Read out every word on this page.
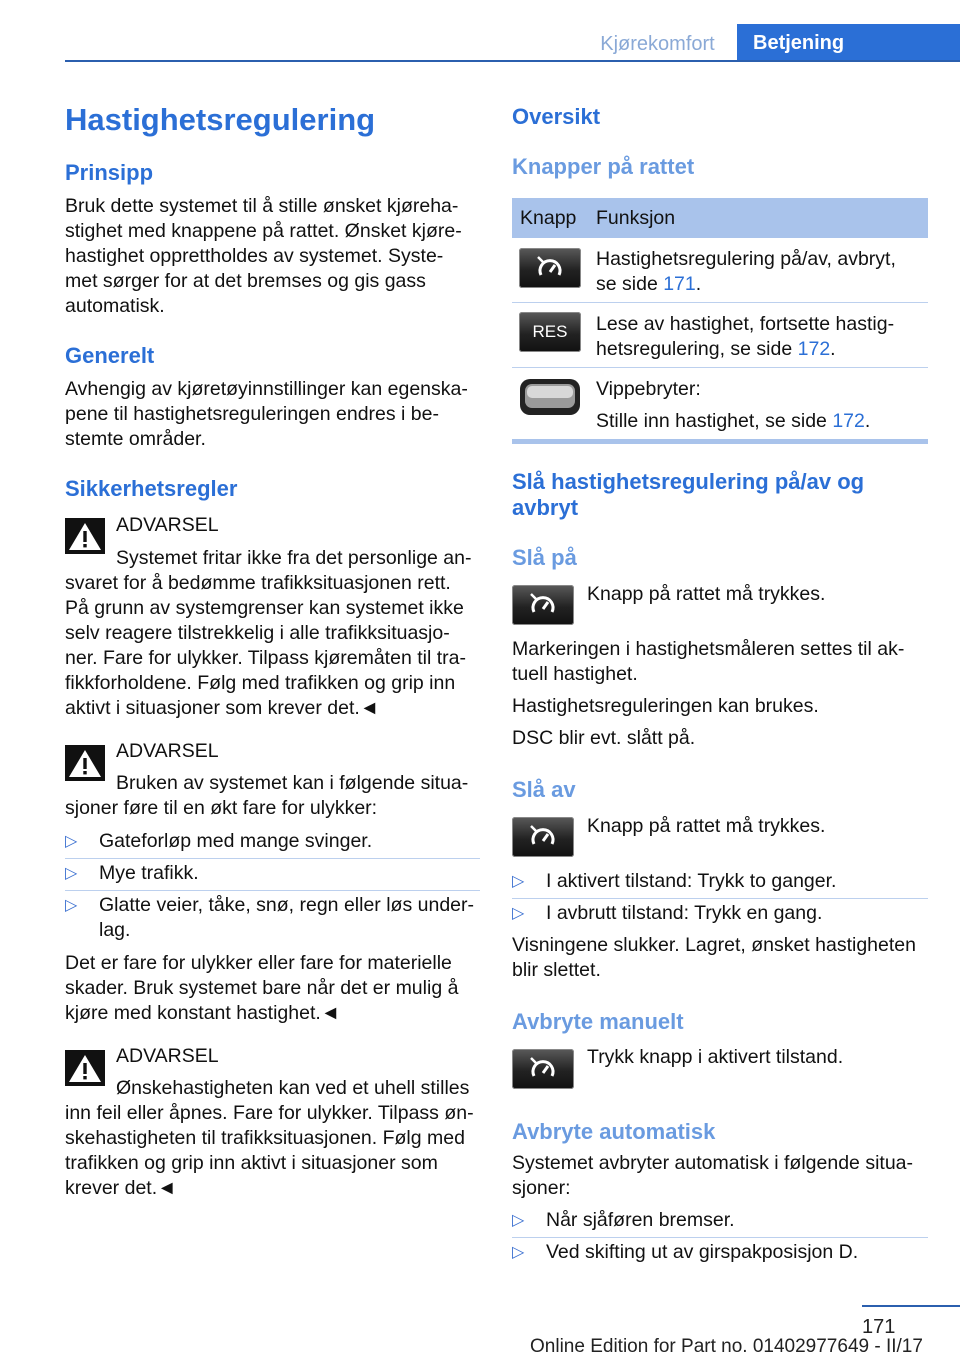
Kjørekomfort	Betjening
Hastighetsregulering
Prinsipp

Bruk dette systemet til å stille ønsket kjøreha-
stighet med knappene på rattet. Ønsket kjøre-
hastighet opprettholdes av systemet. Syste-
met sørger for at det bremses og gis gass
automatisk.

Generelt

Avhengig av kjøretøyinnstillinger kan egenska-
pene til hastighetsreguleringen endres i be-
stemte områder.

Sikkerhetsregler

ADVARSEL

Systemet fritar ikke fra det personlige an-

svaret for å bedømme trafikksituasjonen rett.
På grunn av systemgrenser kan systemet ikke
selv reagere tilstrekkelig i alle trafikksituasjo-
ner. Fare for ulykker. Tilpass kjøremåten til tra-
fikkforholdene. Følg med trafikken og grip inn
aktivt i situasjoner som krever det.◄

ADVARSEL

Bruken av systemet kan i følgende situa-

sjoner føre til en økt fare for ulykker:

▷ Gateforløp med mange svinger.
▷ Mye trafikk.
▷ Glatte veier, tåke, snø, regn eller løs under-
lag.

Det er fare for ulykker eller fare for materielle
skader. Bruk systemet bare når det er mulig å
kjøre med konstant hastighet.◄

ADVARSEL

Ønskehastigheten kan ved et uhell stilles

inn feil eller åpnes. Fare for ulykker. Tilpass øn-
skehastigheten til trafikksituasjonen. Følg med
trafikken og grip inn aktivt i situasjoner som
krever det.◄

Oversikt
Knapper på rattet
Knapp Funksjon

Hastighetsregulering på/av, avbryt,
se side 171.

RES Lese av hastighet, fortsette hastig-
hetsregulering, se side 172.

Vippebryter:

Stille inn hastighet, se side 172.

Slå hastighetsregulering på/av og
avbryt
Slå på

Knapp på rattet må trykkes.

Markeringen i hastighetsmåleren settes til ak-
tuell hastighet.

Hastighetsreguleringen kan brukes.

DSC blir evt. slått på.

Slå av

Knapp på rattet må trykkes.

▷ I aktivert tilstand: Trykk to ganger.
▷ I avbrutt tilstand: Trykk en gang.

Visningene slukker. Lagret, ønsket hastigheten
blir slettet.

Avbryte manuelt

Trykk knapp i aktivert tilstand.

Avbryte automatisk

Systemet avbryter automatisk i følgende situa-
sjoner:

▷ Når sjåføren bremser.
▷ Ved skifting ut av girspakposisjon D.
171
Online Edition for Part no. 01402977649 - II/17
